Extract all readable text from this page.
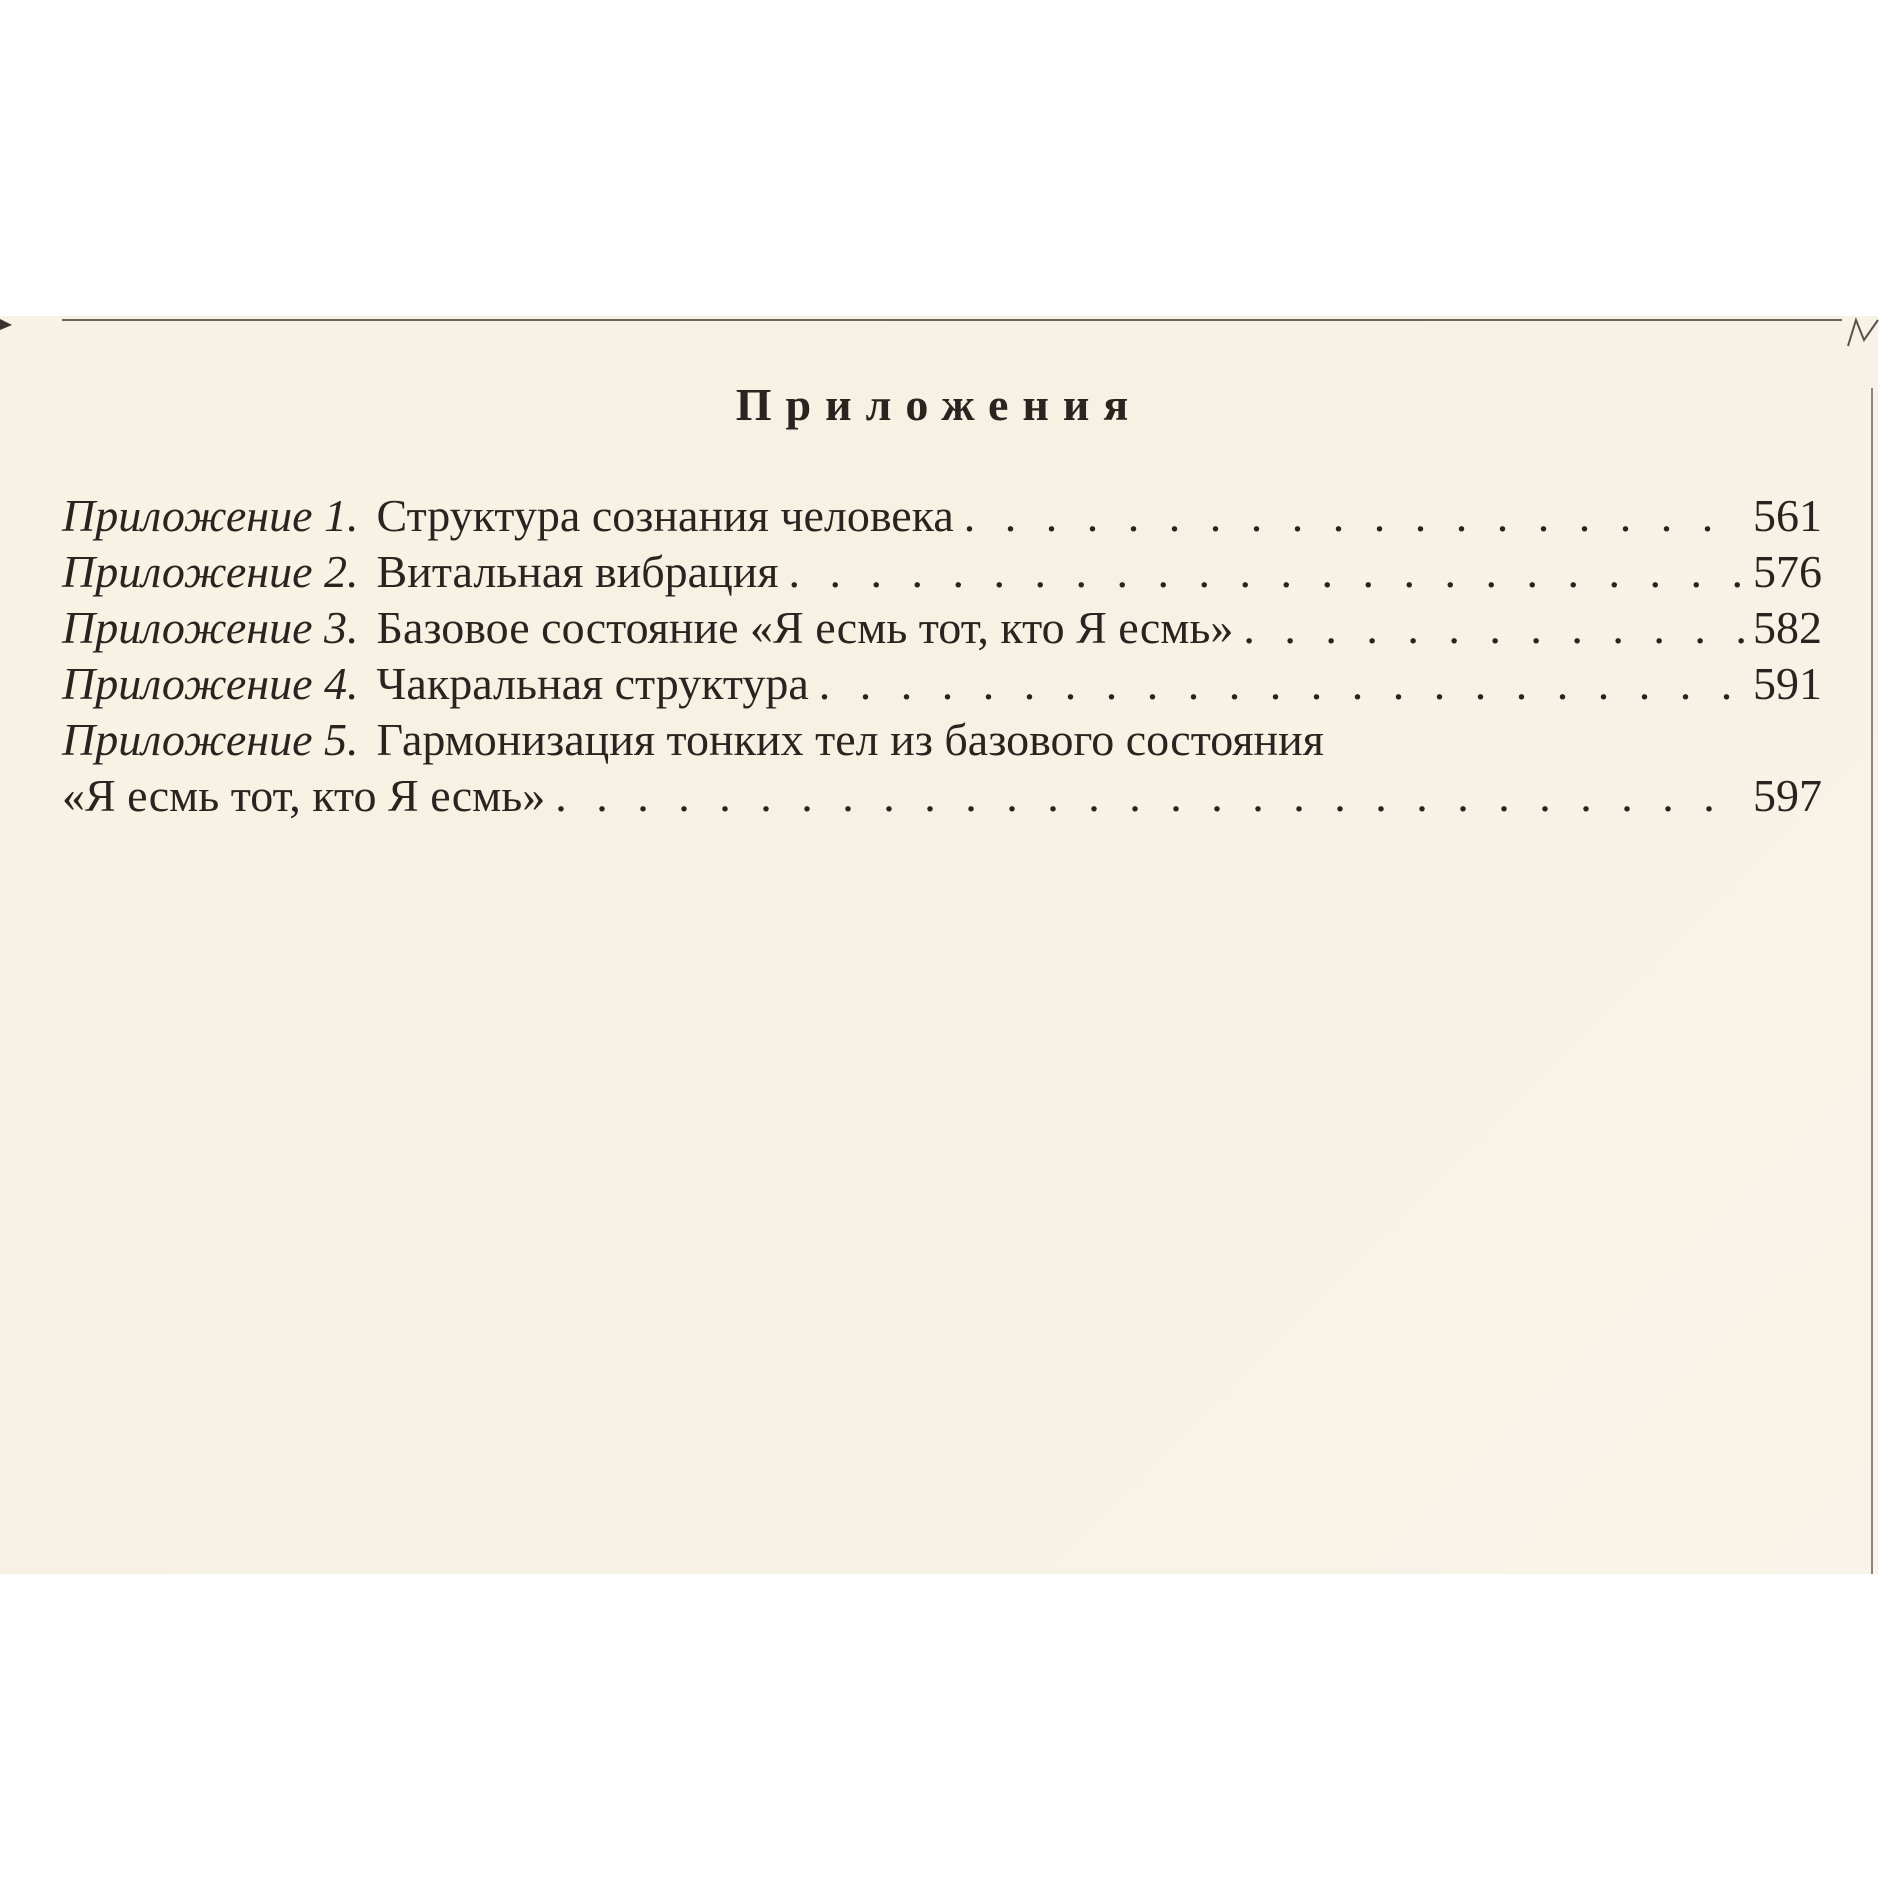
Приложения
Приложение 1. Структура сознания человека . . .	561
Приложение 2. Витальная вибрация . . .	576
Приложение 3. Базовое состояние «Я есмь тот, кто Я есмь» . . .	582
Приложение 4. Чакральная структура . . .	591
Приложение 5. Гармонизация тонких тел из базового состояния
«Я есмь тот, кто Я есмь» . . .	597
